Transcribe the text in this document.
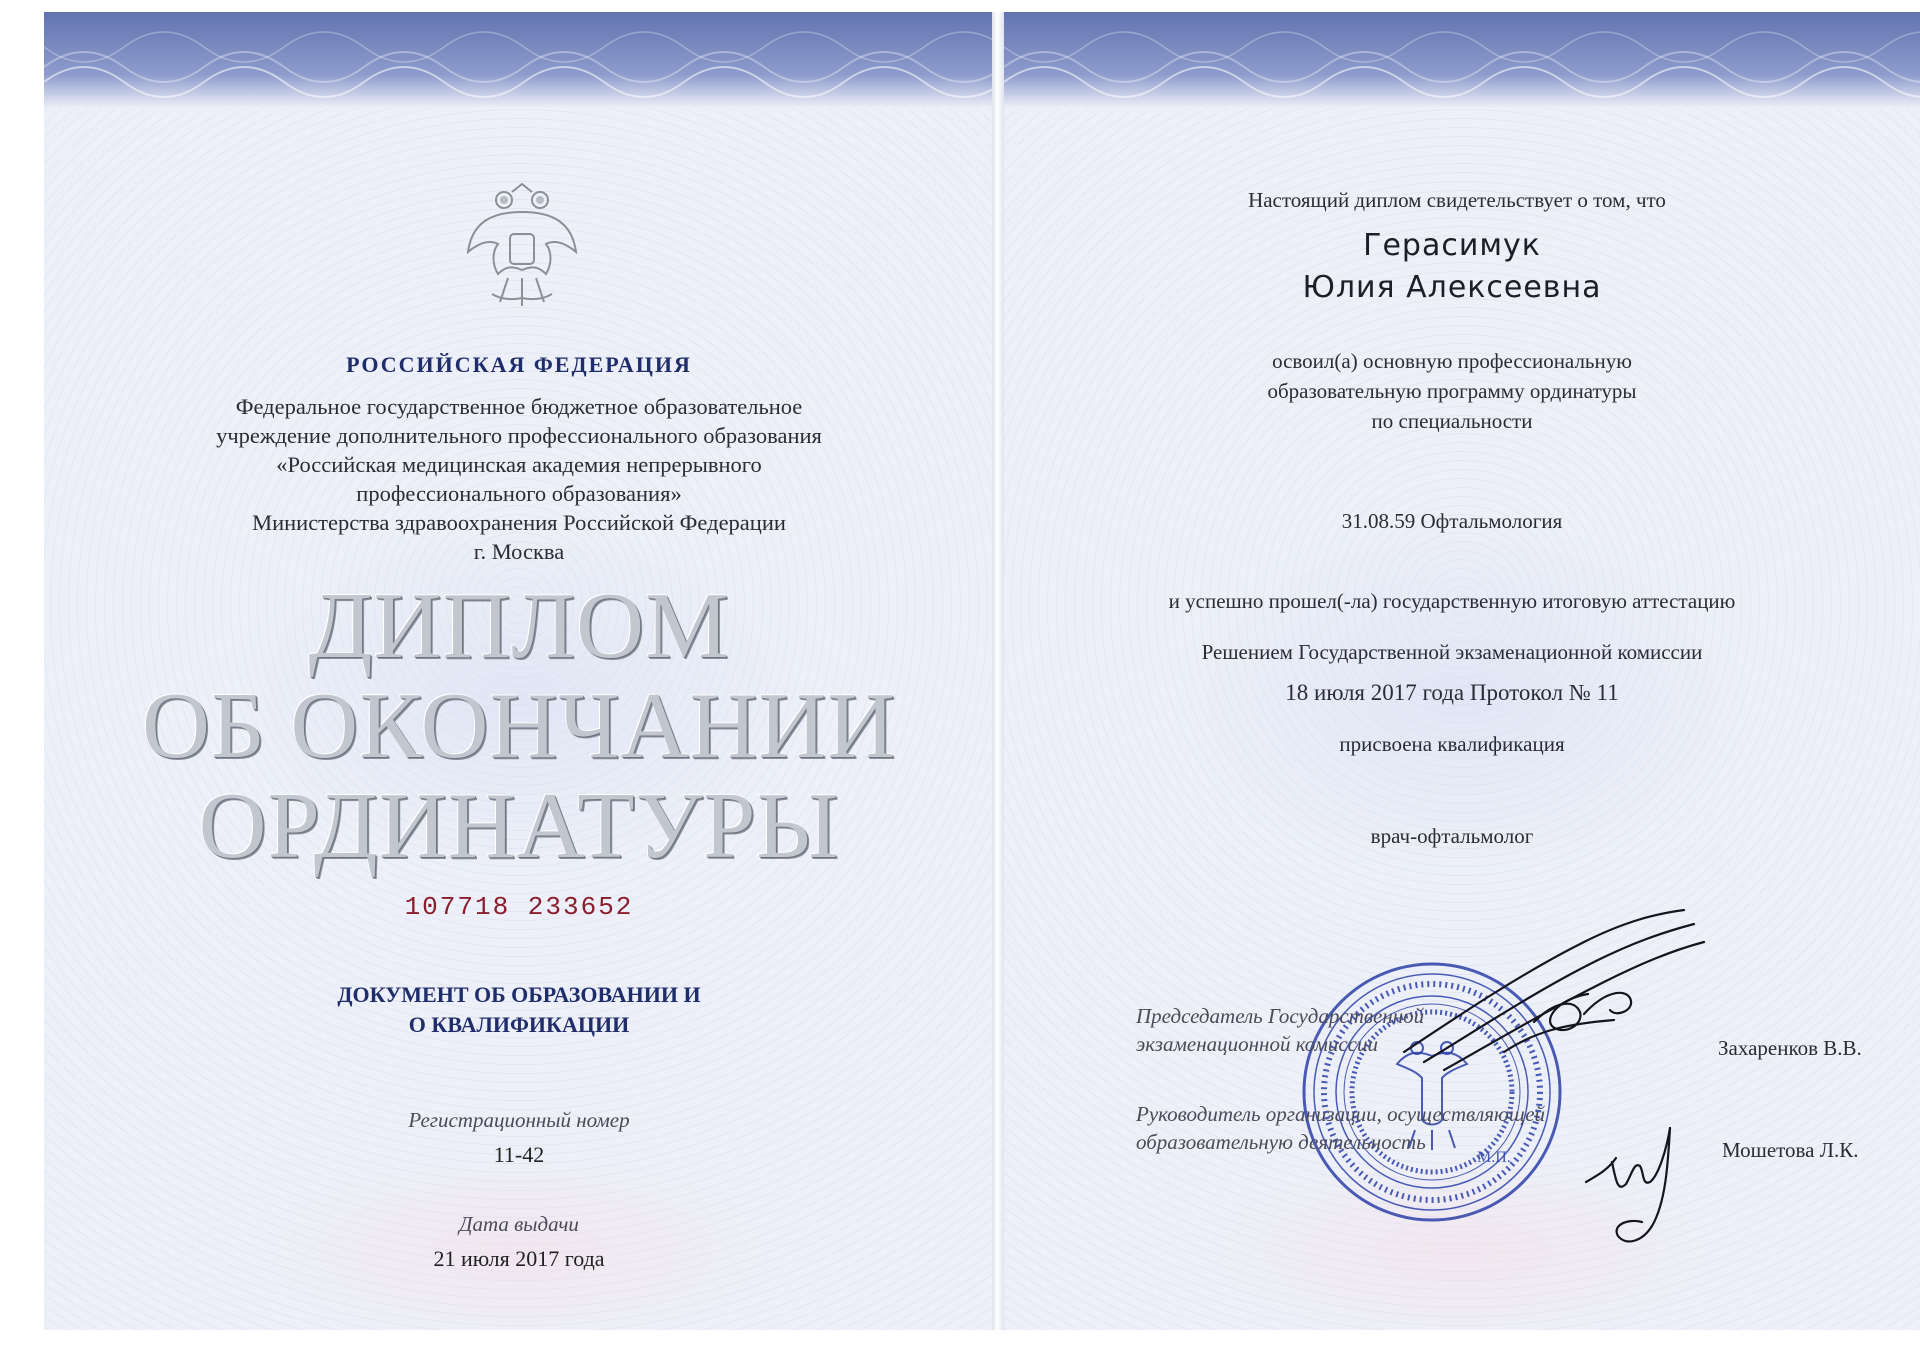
РОССИЙСКАЯ ФЕДЕРАЦИЯ
Федеральное государственное бюджетное образовательное
учреждение дополнительного профессионального образования
«Российская медицинская академия непрерывного
профессионального образования»
Министерства здравоохранения Российской Федерации
г. Москва
ДИПЛОМ
ОБ ОКОНЧАНИИ
ОРДИНАТУРЫ
107718 233652
ДОКУМЕНТ ОБ ОБРАЗОВАНИИ И
О КВАЛИФИКАЦИИ
Регистрационный номер
11-42
Дата выдачи
21 июля 2017 года
Настоящий диплом свидетельствует о том, что
Герасимук
Юлия Алексеевна
освоил(а) основную профессиональную
образовательную программу ординатуры
по специальности
31.08.59 Офтальмология
и успешно прошел(-ла) государственную итоговую аттестацию
Решением Государственной экзаменационной комиссии
18 июля 2017 года Протокол № 11
присвоена квалификация
врач-офтальмолог
М.П.
Председатель Государственной
экзаменационной комиссии	Захаренков В.В.
Руководитель организации, осуществляющей
образовательную деятельность	Мошетова Л.К.
